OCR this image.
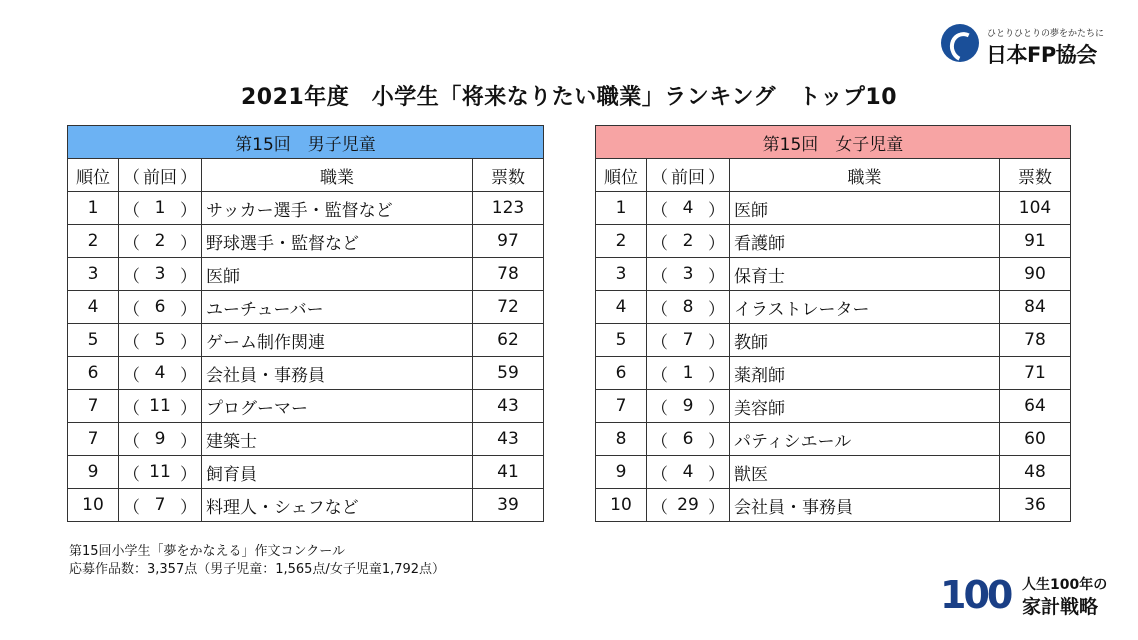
2021年度　小学生「将来なりたい職業」ランキング　トップ10
ひとりひとりの夢をかたちに
日本FP協会
第15回　男子児童					
順位	（	前回	）	職業	票数
1	（	1	）	サッカー選手・監督など	123
2	（	2	）	野球選手・監督など	97
3	（	3	）	医師	78
4	（	6	）	ユーチューバー	72
5	（	5	）	ゲーム制作関連	62
6	（	4	）	会社員・事務員	59
7	（	11	）	プログーマー	43
7	（	9	）	建築士	43
9	（	11	）	飼育員	41
10	（	7	）	料理人・シェフなど	39
第15回　女子児童					
順位	（	前回	）	職業	票数
1	（	4	）	医師	104
2	（	2	）	看護師	91
3	（	3	）	保育士	90
4	（	8	）	イラストレーター	84
5	（	7	）	教師	78
6	（	1	）	薬剤師	71
7	（	9	）	美容師	64
8	（	6	）	パティシエール	60
9	（	4	）	獣医	48
10	（	29	）	会社員・事務員	36
第15回小学生「夢をかなえる」作文コンクール
応募作品数：3,357点（男子児童：1,565点/女子児童1,792点）
100 人生100年の
家計戦略
